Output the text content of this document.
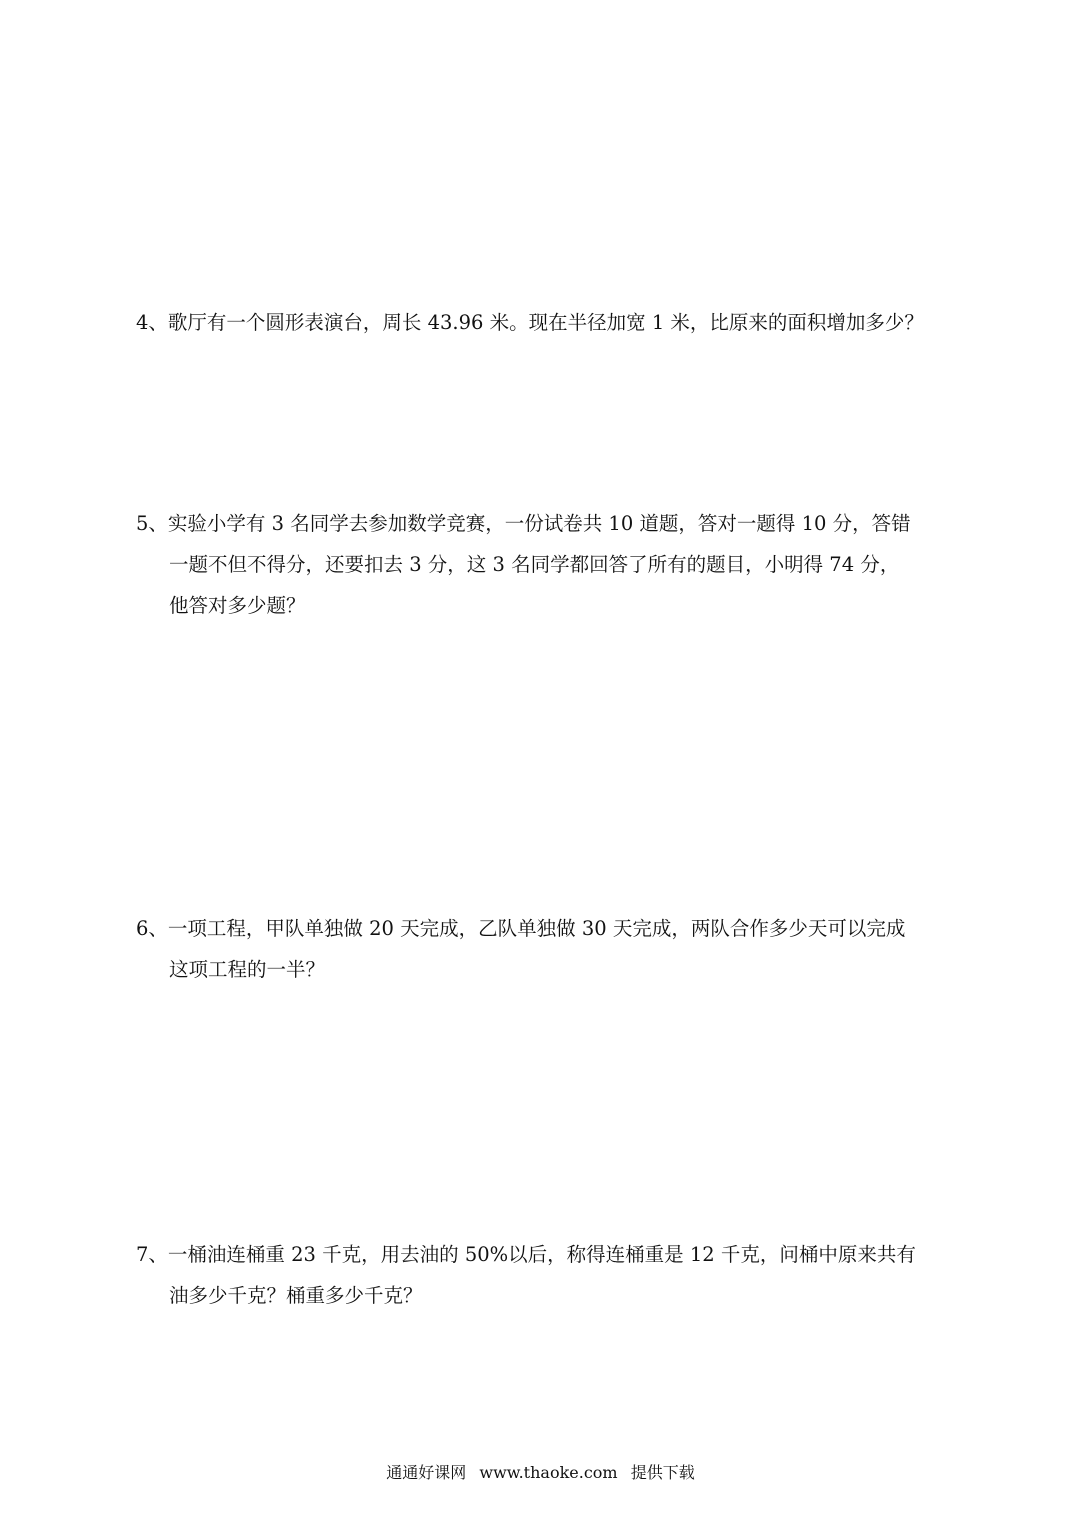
4、歌厅有一个圆形表演台，周长 43.96 米。现在半径加宽 1 米，比原来的面积增加多少？
5、实验小学有 3 名同学去参加数学竞赛，一份试卷共 10 道题，答对一题得 10 分，答错
一题不但不得分，还要扣去 3 分，这 3 名同学都回答了所有的题目，小明得 74 分，
他答对多少题？
6、一项工程，甲队单独做 20 天完成，乙队单独做 30 天完成，两队合作多少天可以完成
这项工程的一半？
7、一桶油连桶重 23 千克，用去油的 50%以后，称得连桶重是 12 千克，问桶中原来共有
油多少千克？桶重多少千克？
通通好课网 www.thaoke.com 提供下载
